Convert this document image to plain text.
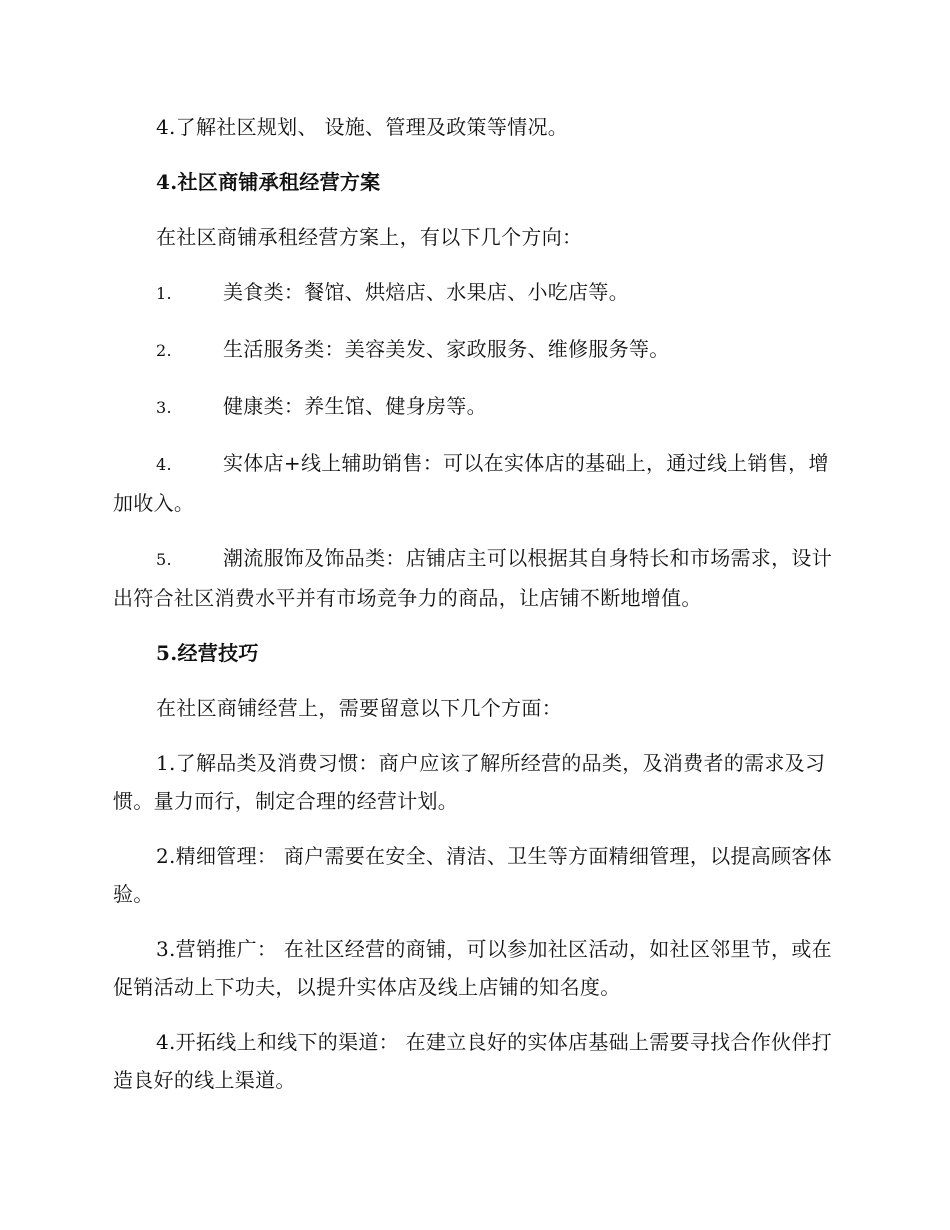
4.了解社区规划、 设施、管理及政策等情况。

4.社区商铺承租经营方案

在社区商铺承租经营方案上，有以下几个方向：

1.	美食类：餐馆、烘焙店、水果店、小吃店等。

2.	生活服务类：美容美发、家政服务、维修服务等。

3.	健康类：养生馆、健身房等。

4.	实体店+线上辅助销售：可以在实体店的基础上，通过线上销售，增加收入。

5.	潮流服饰及饰品类：店铺店主可以根据其自身特长和市场需求，设计出符合社区消费水平并有市场竞争力的商品，让店铺不断地增值。

5.经营技巧

在社区商铺经营上，需要留意以下几个方面：

1.了解品类及消费习惯：商户应该了解所经营的品类，及消费者的需求及习惯。量力而行，制定合理的经营计划。

2.精细管理： 商户需要在安全、清洁、卫生等方面精细管理，以提高顾客体验。

3.营销推广： 在社区经营的商铺，可以参加社区活动，如社区邻里节，或在促销活动上下功夫，以提升实体店及线上店铺的知名度。

4.开拓线上和线下的渠道： 在建立良好的实体店基础上需要寻找合作伙伴打造良好的线上渠道。
